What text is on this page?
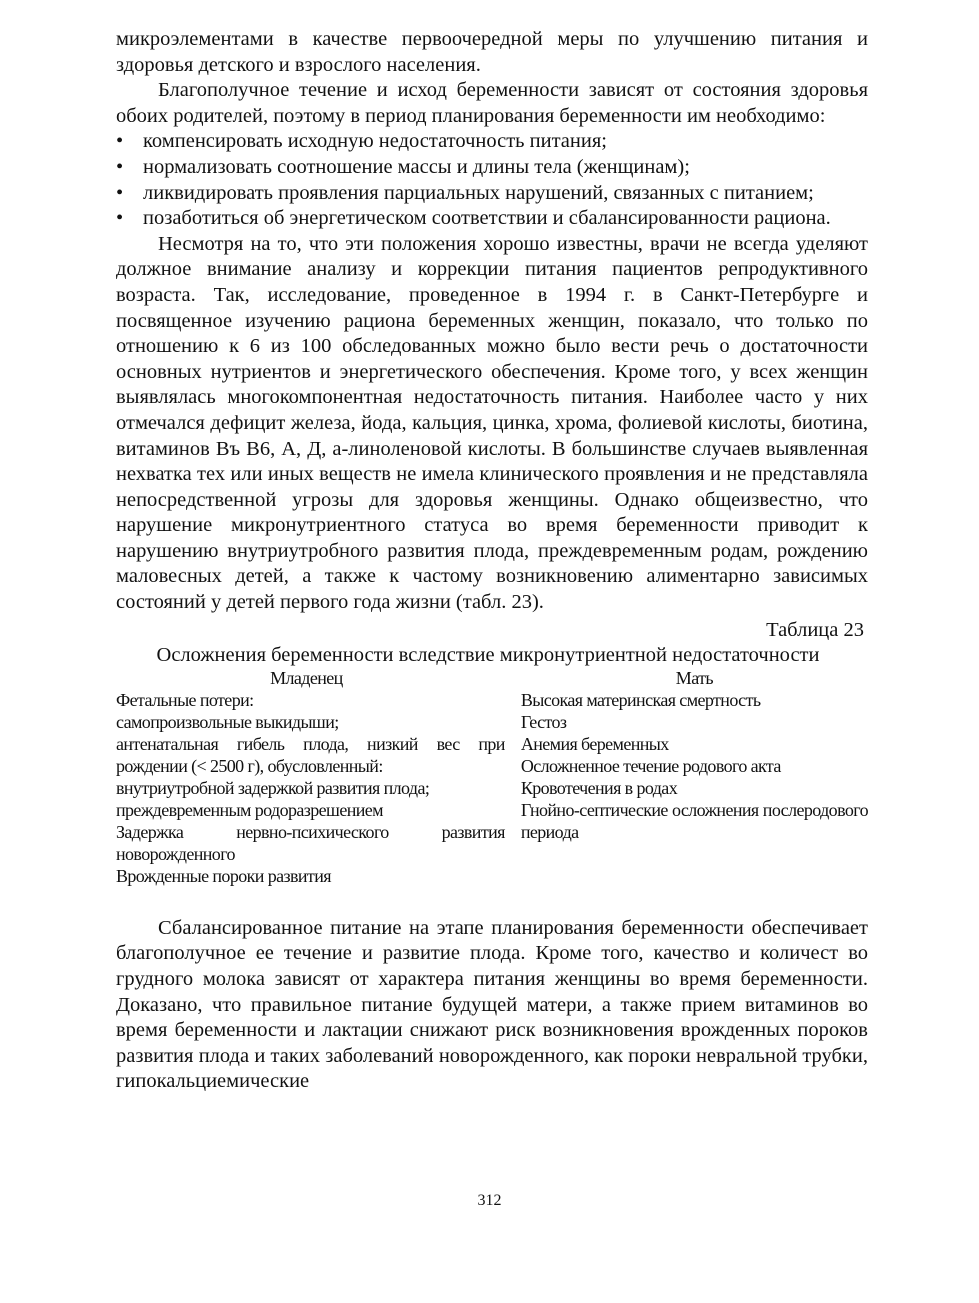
микроэлементами в качестве первоочередной меры по улучшению питания и здоровья детского и взрослого населения.

Благополучное течение и исход беременности зависят от состояния здоровья обоих родителей, поэтому в период планирования беременности им необходимо:

• компенсировать исходную недостаточность питания;
• нормализовать соотношение массы и длины тела (женщинам);
• ликвидировать проявления парциальных нарушений, связанных с питанием;
• позаботиться об энергетическом соответствии и сбалансированности рациона.

Несмотря на то, что эти положения хорошо известны, врачи не всегда уделяют должное внимание анализу и коррекции питания пациентов репродуктивного возраста. Так, исследование, проведенное в 1994 г. в Санкт-Петербурге и посвященное изучению рациона беременных женщин, показало, что только по отношению к 6 из 100 обследованных можно было вести речь о достаточности основных нутриентов и энергетического обеспечения. Кроме того, у всех женщин выявлялась многокомпонентная недостаточность питания. Наиболее часто у них отмечался дефицит железа, йода, кальция, цинка, хрома, фолиевой кислоты, биотина, витаминов Въ В6, А, Д, а-линоленовой кислоты. В большинстве случаев выявленная нехватка тех или иных веществ не имела клинического проявления и не представляла непосредственной угрозы для здоровья женщины. Однако общеизвестно, что нарушение микронутриентного статуса во время беременности приводит к нарушению внутриутробного развития плода, преждевременным родам, рождению маловесных детей, а также к частому возникновению алиментарно зависимых состояний у детей первого года жизни (табл. 23).

Таблица 23
Осложнения беременности вследствие микронутриентной недостаточности
Младенец

Фетальные потери:

самопроизвольные выкидыши;

антенатальная гибель плода, низкий вес при рождении (< 2500 г), обусловленный:

внутриутробной задержкой развития плода;

преждевременным родоразрешением

Задержка нервно-психического развития новорожденного

Врожденные пороки развития

Мать

Высокая материнская смертность

Гестоз

Анемия беременных

Осложненное течение родового акта

Кровотечения в родах

Гнойно-септические осложнения послеродового периода

Сбалансированное питание на этапе планирования беременности обеспечивает благополучное ее течение и развитие плода. Кроме того, качество и количест во грудного молока зависят от характера питания женщины во время беременности. Доказано, что правильное питание будущей матери, а также прием витаминов во время беременности и лактации снижают риск возникновения врожденных пороков развития плода и таких заболеваний новорожденного, как пороки невральной трубки, гипокальциемические

312
